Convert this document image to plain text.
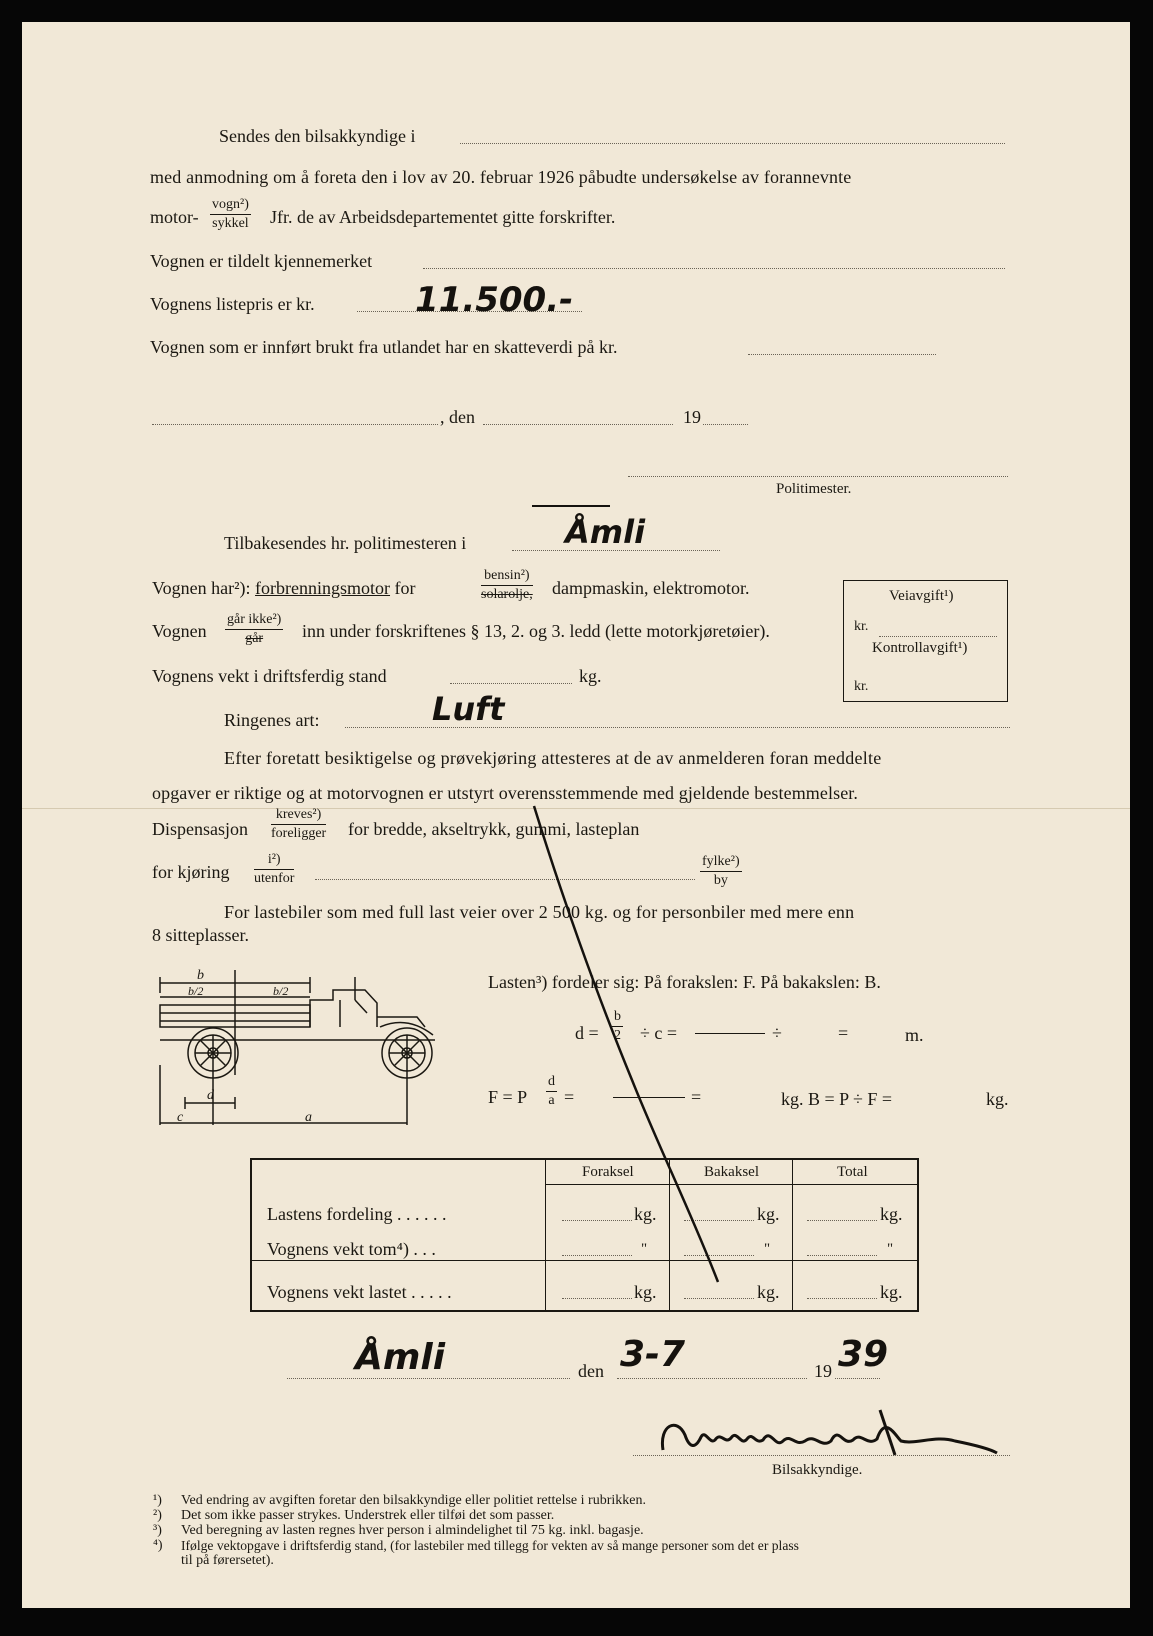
Sendes den bilsakkyndige i
med anmodning om å foreta den i lov av 20. februar 1926 påbudte undersøkelse av forannevnte
motor-
vogn²)
sykkel Jfr. de av Arbeidsdepartementet gitte forskrifter.
Vognen er tildelt kjennemerket
Vognens listepris er kr.	11.500.-
Vognen som er innført brukt fra utlandet har en skatteverdi på kr.
, den	19
Politimester.
Tilbakesendes hr. politimesteren i	Åmli
Vognen har²): forbrenningsmotor for
bensin²)
solarolje, dampmaskin, elektromotor.
Vognen
går ikke²)
går	inn under forskriftenes § 13, 2. og 3. ledd (lette motorkjøretøier).
Vognens vekt i driftsferdig stand	kg.
Ringenes art:	Luft
Veiavgift¹)
kr.
Kontrollavgift¹)
kr.
Efter foretatt besiktigelse og prøvekjøring attesteres at de av anmelderen foran meddelte
opgaver er riktige og at motorvognen er utstyrt overensstemmende med gjeldende bestemmelser.
Dispensasjon
kreves²)
foreligger for bredde, akseltrykk, gummi, lasteplan
for kjøring
i²)
utenfor
fylke²)
by
For lastebiler som med full last veier over 2 500 kg. og for personbiler med mere enn
8 sitteplasser.
b
b/2	b/2
d
c	a
Lasten³) fordeler sig: På forakslen: F. På bakakslen: B.
$d = \frac{b}{2} \div c$ =	÷	=	m.
F = P $\frac{d}{a}$ =	=	kg. B = P ÷ F =	kg.
Foraksel	Bakaksel	Total
Lastens fordeling . . . . . .	kg.	kg.	kg.
Vognens vekt tom⁴) . . .	"	"	"
Vognens vekt lastet . . . . .	kg.	kg.	kg.
Åmli	den 3-7	19 39
Bilsakkyndige.
¹) Ved endring av avgiften foretar den bilsakkyndige eller politiet rettelse i rubrikken.
²) Det som ikke passer strykes. Understrek eller tilføi det som passer.
³) Ved beregning av lasten regnes hver person i almindelighet til 75 kg. inkl. bagasje.
⁴) Ifølge vektopgave i driftsferdig stand, (for lastebiler med tillegg for vekten av så mange personer som det er plass
til på førersetet).
